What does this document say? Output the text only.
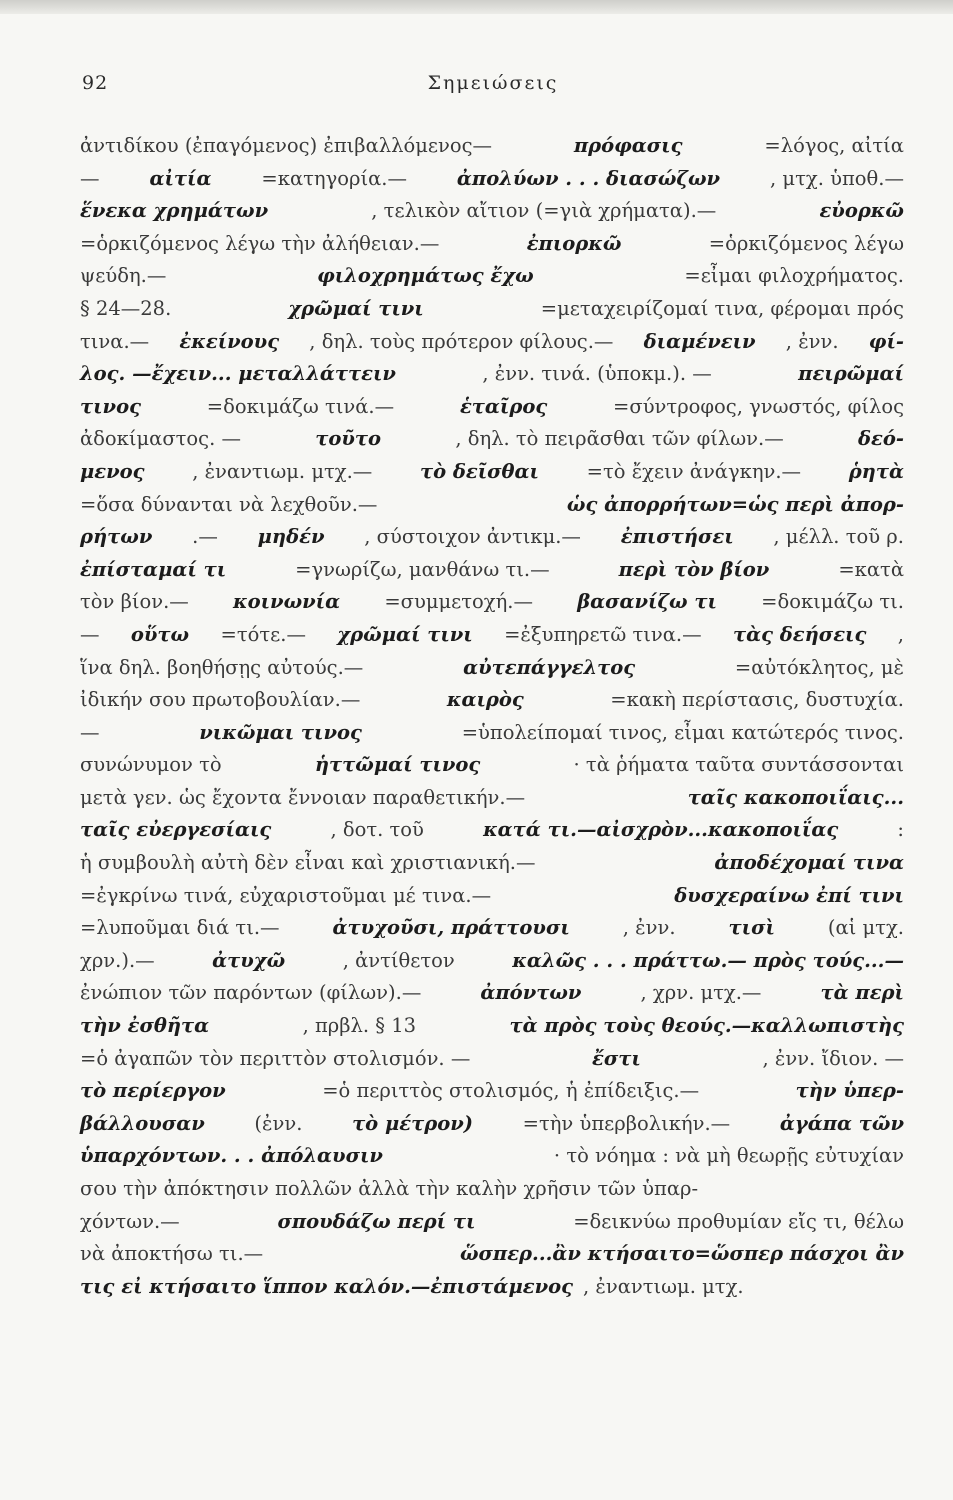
92	Σημειώσεις
ἀντιδίκου (ἐπαγόμενος) ἐπιβαλλόμενος—	πρόφασις	=λόγος, αἰτία
—	αἰτία	=κατηγορία.—	ἀπολύων . . . διασώζων	, μτχ. ὑποθ.—
ἕνεκα χρημάτων	, τελικὸν αἴτιον (=γιὰ χρήματα).—	εὐορκῶ
=ὁρκιζόμενος λέγω τὴν ἀλήθειαν.—	ἐπιορκῶ	=ὁρκιζόμενος λέγω
ψεύδη.—	φιλοχρημάτως ἔχω	=εἶμαι φιλοχρήματος.
§ 24—28.	χρῶμαί τινι	=μεταχειρίζομαί τινα, φέρομαι πρός
τινα.— ἐκείνους , δηλ. τοὺς πρότερον φίλους.— διαμένειν , ἐνν. φί-
λος. —ἔχειν... μεταλλάττειν	, ἐνν. τινά. (ὑποκμ.). —	πειρῶμαί
τινος	=δοκιμάζω τινά.—	ἑταῖρος	=σύντροφος, γνωστός, φίλος
ἀδοκίμαστος. —	τοῦτο	, δηλ. τὸ πειρᾶσθαι τῶν φίλων.—	δεό-
μενος , ἐναντιωμ. μτχ.— τὸ δεῖσθαι =τὸ ἔχειν ἀνάγκην.— ῥητὰ
=ὅσα δύνανται νὰ λεχθοῦν.—	ὡς ἀπορρήτων=ὡς περὶ ἀπορ-
ρήτων .— μηδέν , σύστοιχον ἀντικμ.— ἐπιστήσει , μέλλ. τοῦ ρ.
ἐπίσταμαί τι	=γνωρίζω, μανθάνω τι.—	περὶ τὸν βίον	=κατὰ
τὸν βίον.— κοινωνία =συμμετοχή.— βασανίζω τι =δοκιμάζω τι.
— οὕτω =τότε.— χρῶμαί τινι =ἐξυπηρετῶ τινα.— τὰς δεήσεις ,
ἵνα δηλ. βοηθήσῃς αὐτούς.—	αὐτεπάγγελτος	=αὐτόκλητος, μὲ
ἰδικήν σου πρωτοβουλίαν.—	καιρὸς	=κακὴ περίστασις, δυστυχία.
—	νικῶμαι τινος	=ὑπολείπομαί τινος, εἶμαι κατώτερός τινος.
συνώνυμον τὸ	ἡττῶμαί τινος	· τὰ ῥήματα ταῦτα συντάσσονται
μετὰ γεν. ὡς ἔχοντα ἔννοιαν παραθετικήν.—	ταῖς κακοποιΐαις...
ταῖς εὐεργεσίαις	, δοτ. τοῦ	κατά τι.—αἰσχρὸν...κακοποιΐας	:
ἡ συμβουλὴ αὐτὴ δὲν εἶναι καὶ χριστιανική.—	ἀποδέχομαί τινα
=ἐγκρίνω τινά, εὐχαριστοῦμαι μέ τινα.—	δυσχεραίνω ἐπί τινι
=λυποῦμαι διά τι.—	ἀτυχοῦσι, πράττουσι	, ἐνν.	τισὶ	(αἱ μτχ.
χρν.).—	ἀτυχῶ	, ἀντίθετον	καλῶς . . . πράττω.— πρὸς τούς...—
ἐνώπιον τῶν παρόντων (φίλων).—	ἀπόντων	, χρν. μτχ.—	τὰ περὶ
τὴν ἐσθῆτα	, πρβλ. § 13	τὰ πρὸς τοὺς θεούς.—καλλωπιστὴς
=ὁ ἀγαπῶν τὸν περιττὸν στολισμόν. —	ἔστι	, ἐνν. ἴδιον. —
τὸ περίεργον	=ὁ περιττὸς στολισμός, ἡ ἐπίδειξις.—	τὴν ὑπερ-
βάλλουσαν	(ἐνν.	τὸ μέτρον)	=τὴν ὑπερβολικήν.—	ἀγάπα τῶν
ὑπαρχόντων. . . ἀπόλαυσιν	· τὸ νόημα : νὰ μὴ θεωρῇς εὐτυχίαν
σου τὴν ἀπόκτησιν πολλῶν ἀλλὰ τὴν καλὴν χρῆσιν τῶν ὑπαρ-
χόντων.—	σπουδάζω περί τι	=δεικνύω προθυμίαν εἴς τι, θέλω
νὰ ἀποκτήσω τι.—	ὥσπερ...ἂν κτήσαιτο=ὥσπερ πάσχοι ἂν
τις εἰ κτήσαιτο ἵππον καλόν.—ἐπιστάμενος , ἐναντιωμ. μτχ.
